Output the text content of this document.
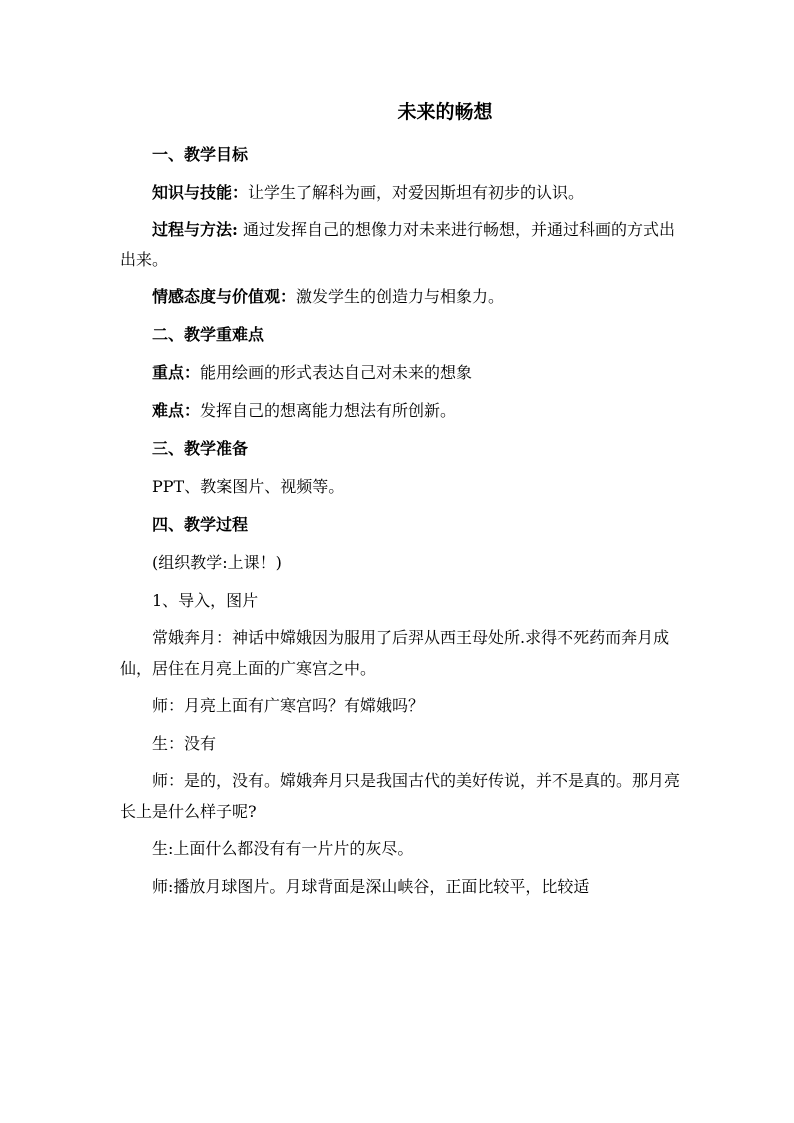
未来的畅想

一、教学目标

知识与技能：让学生了解科为画，对爱因斯坦有初步的认识。

过程与方法: 通过发挥自己的想像力对未来进行畅想，并通过科画的方式出出来。

情感态度与价值观：激发学生的创造力与相象力。

二、教学重难点

重点：能用绘画的形式表达自己对未来的想象

难点：发挥自己的想离能力想法有所创新。

三、教学准备

PPT、教案图片、视频等。

四、教学过程

(组织教学:上课！)

1、导入，图片

常娥奔月：神话中嫦娥因为服用了后羿从西王母处所.求得不死药而奔月成仙，居住在月亮上面的广寒宫之中。

师：月亮上面有广寒宫吗？有嫦娥吗？

生：没有

师：是的，没有。嫦娥奔月只是我国古代的美好传说，并不是真的。那月亮长上是什么样子呢?

生:上面什么都没有有一片片的灰尽。

师:播放月球图片。月球背面是深山峡谷，正面比较平，比较适
